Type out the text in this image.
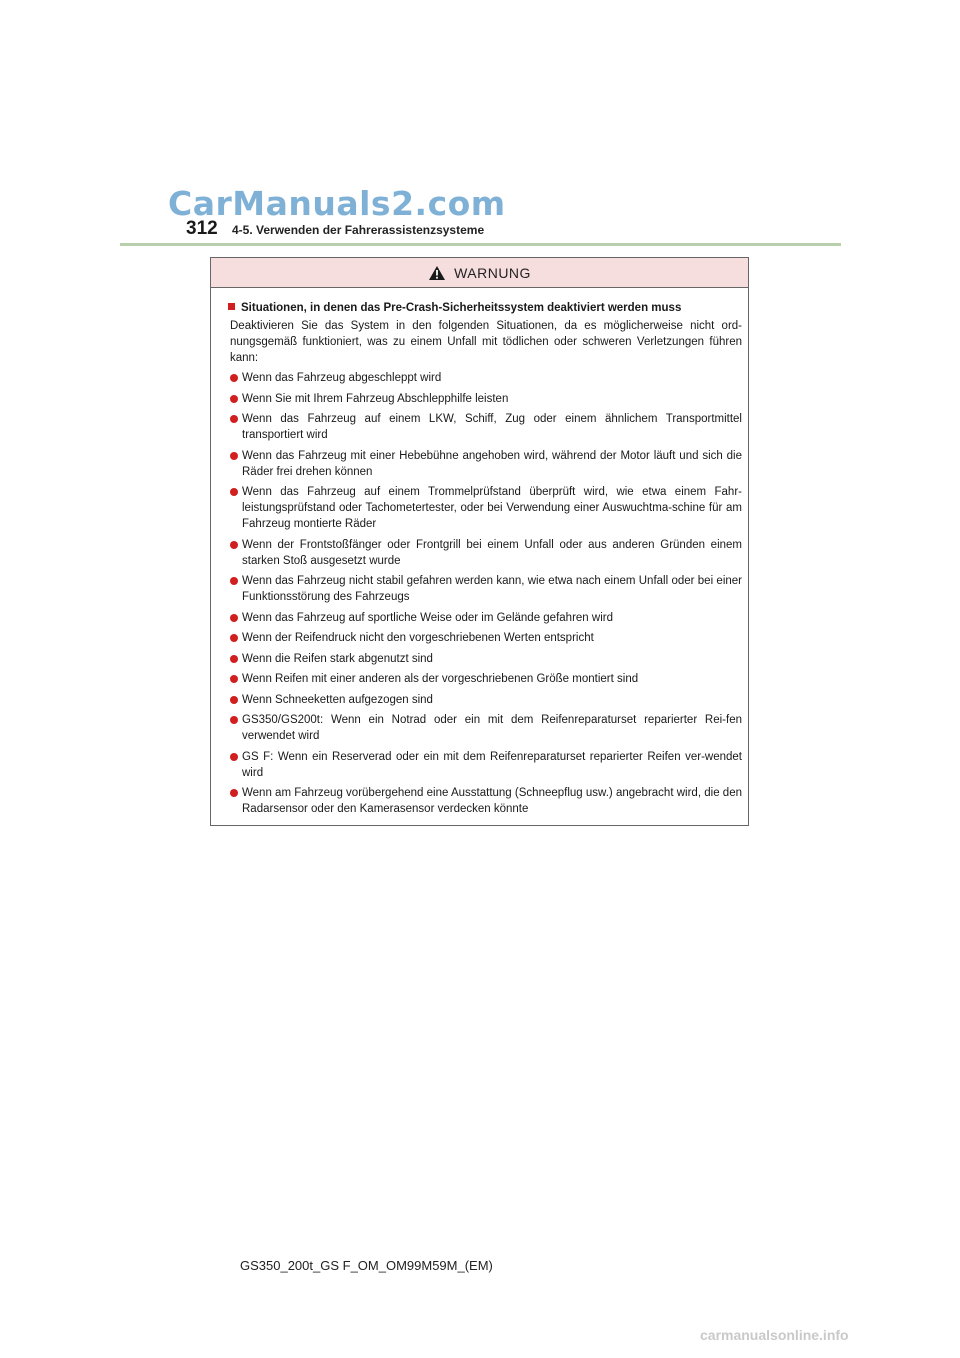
CarManuals2.com
312 4-5. Verwenden der Fahrerassistenzsysteme
WARNUNG
Situationen, in denen das Pre-Crash-Sicherheitssystem deaktiviert werden muss
Deaktivieren Sie das System in den folgenden Situationen, da es möglicherweise nicht ord-nungsgemäß funktioniert, was zu einem Unfall mit tödlichen oder schweren Verletzungen führen kann:
Wenn das Fahrzeug abgeschleppt wird
Wenn Sie mit Ihrem Fahrzeug Abschlepphilfe leisten
Wenn das Fahrzeug auf einem LKW, Schiff, Zug oder einem ähnlichem Transportmittel transportiert wird
Wenn das Fahrzeug mit einer Hebebühne angehoben wird, während der Motor läuft und sich die Räder frei drehen können
Wenn das Fahrzeug auf einem Trommelprüfstand überprüft wird, wie etwa einem Fahr-leistungsprüfstand oder Tachometertester, oder bei Verwendung einer Auswuchtma-schine für am Fahrzeug montierte Räder
Wenn der Frontstoßfänger oder Frontgrill bei einem Unfall oder aus anderen Gründen einem starken Stoß ausgesetzt wurde
Wenn das Fahrzeug nicht stabil gefahren werden kann, wie etwa nach einem Unfall oder bei einer Funktionsstörung des Fahrzeugs
Wenn das Fahrzeug auf sportliche Weise oder im Gelände gefahren wird
Wenn der Reifendruck nicht den vorgeschriebenen Werten entspricht
Wenn die Reifen stark abgenutzt sind
Wenn Reifen mit einer anderen als der vorgeschriebenen Größe montiert sind
Wenn Schneeketten aufgezogen sind
GS350/GS200t: Wenn ein Notrad oder ein mit dem Reifenreparaturset reparierter Rei-fen verwendet wird
GS F: Wenn ein Reserverad oder ein mit dem Reifenreparaturset reparierter Reifen ver-wendet wird
Wenn am Fahrzeug vorübergehend eine Ausstattung (Schneepflug usw.) angebracht wird, die den Radarsensor oder den Kamerasensor verdecken könnte
GS350_200t_GS F_OM_OM99M59M_(EM)
carmanualsonline.info
